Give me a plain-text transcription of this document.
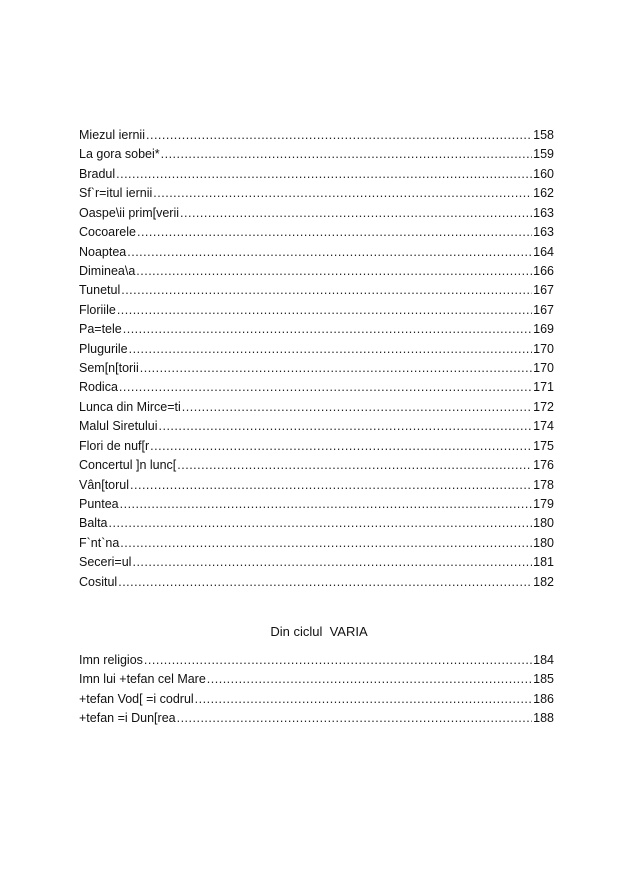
Miezul iernii .....	158
La gora sobei* .....	159
Bradul .....	160
Sf`r=itul iernii .....	162
Oaspe\ii prim[verii .....	163
Cocoarele .....	163
Noaptea .....	164
Diminea\a .....	166
Tunetul .....	167
Floriile .....	167
Pa=tele .....	169
Plugurile .....	170
Sem[n[torii .....	170
Rodica .....	171
Lunca din Mirce=ti .....	172
Malul Siretului .....	174
Flori de nuf[r .....	175
Concertul ]n lunc[ .....	176
Vân[torul .....	178
Puntea .....	179
Balta .....	180
F`nt`na .....	180
Seceri=ul .....	181
Cositul .....	182
Din ciclul  VARIA
Imn religios .....	184
Imn lui +tefan cel Mare .....	185
+tefan Vod[ =i codrul .....	186
+tefan =i Dun[rea .....	188
